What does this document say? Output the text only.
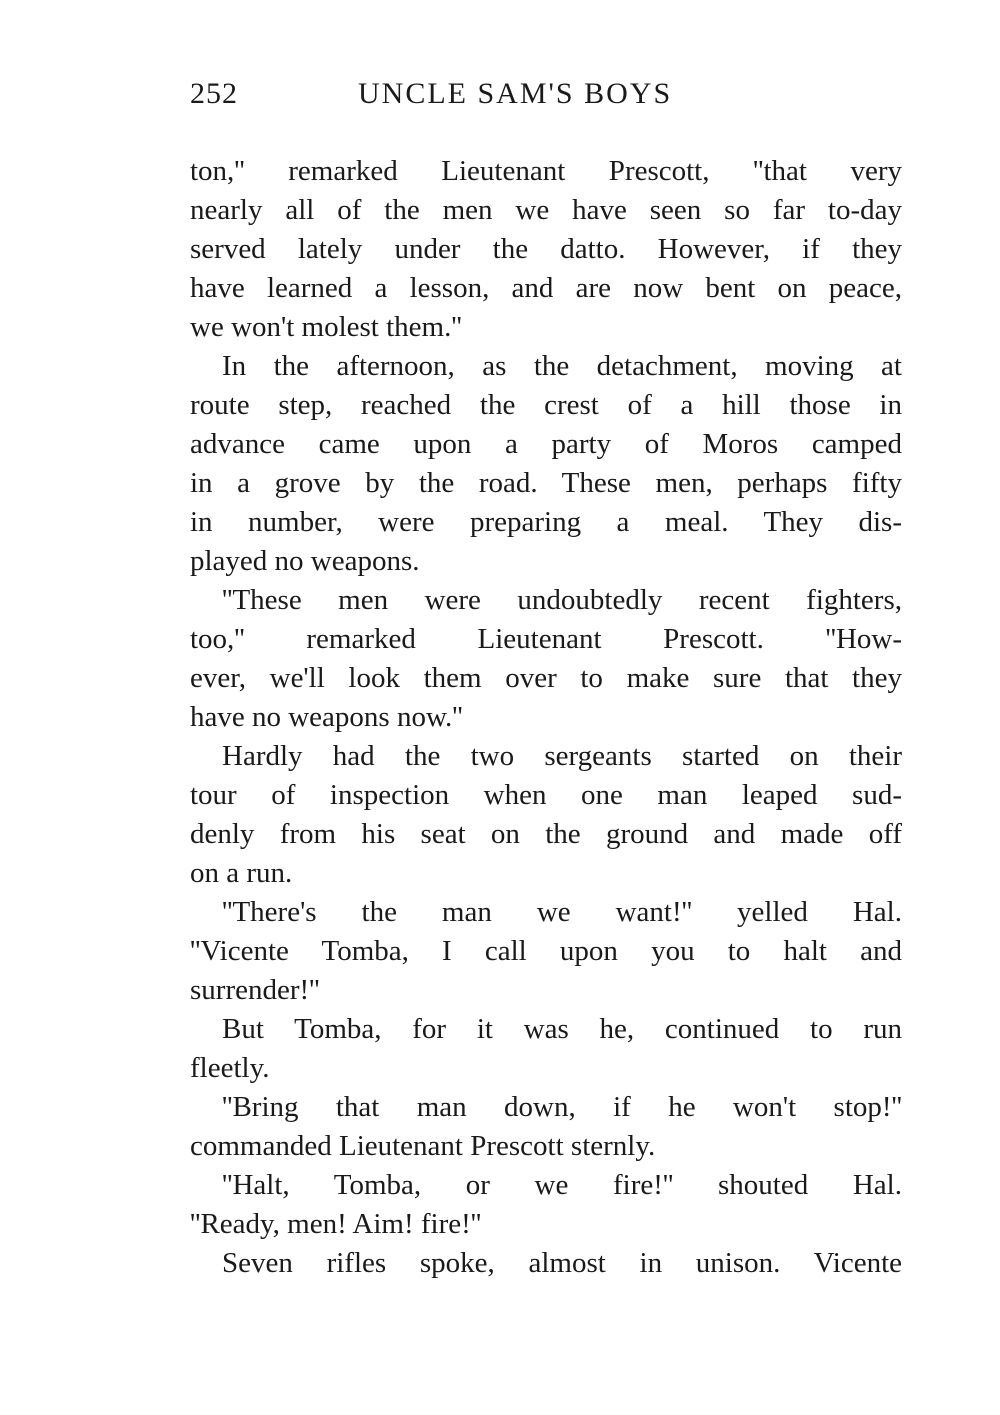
252	UNCLE SAM'S BOYS
ton,'' remarked Lieutenant Prescott, ''that very
nearly all of the men we have seen so far to-day
served lately under the datto. However, if they
have learned a lesson, and are now bent on peace,
we won't molest them.''
In the afternoon, as the detachment, moving at
route step, reached the crest of a hill those in
advance came upon a party of Moros camped
in a grove by the road. These men, perhaps fifty
in number, were preparing a meal. They dis-
played no weapons.
''These men were undoubtedly recent fighters,
too,'' remarked Lieutenant Prescott. ''How-
ever, we'll look them over to make sure that they
have no weapons now.''
Hardly had the two sergeants started on their
tour of inspection when one man leaped sud-
denly from his seat on the ground and made off
on a run.
''There's the man we want!'' yelled Hal.
''Vicente Tomba, I call upon you to halt and
surrender!''
But Tomba, for it was he, continued to run
fleetly.
''Bring that man down, if he won't stop!''
commanded Lieutenant Prescott sternly.
''Halt, Tomba, or we fire!'' shouted Hal.
''Ready, men! Aim! fire!''
Seven rifles spoke, almost in unison. Vicente
